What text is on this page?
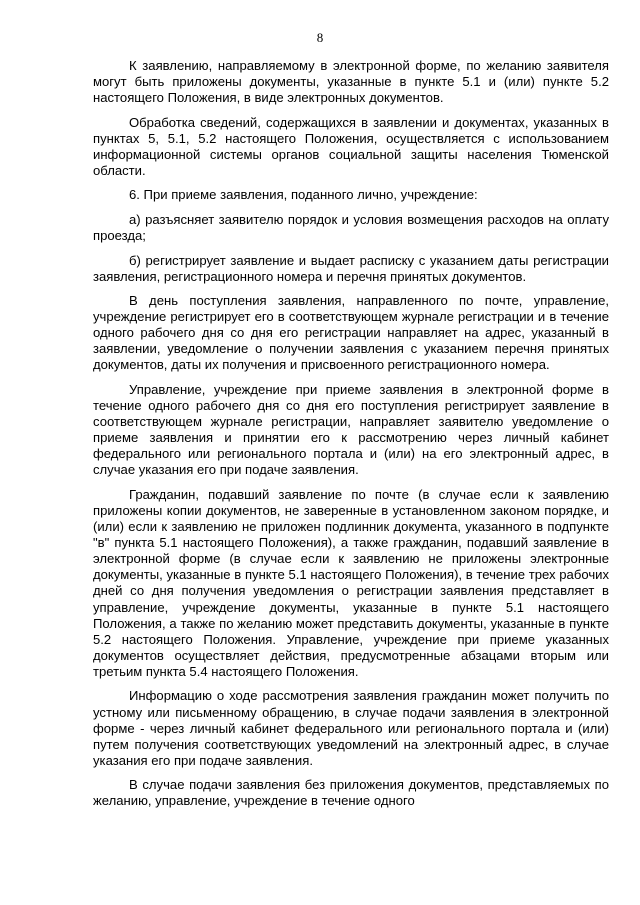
8

К заявлению, направляемому в электронной форме, по желанию заявителя могут быть приложены документы, указанные в пункте 5.1 и (или) пункте 5.2 настоящего Положения, в виде электронных документов.

Обработка сведений, содержащихся в заявлении и документах, указанных в пунктах 5, 5.1, 5.2 настоящего Положения, осуществляется с использованием информационной системы органов социальной защиты населения Тюменской области.

6. При приеме заявления, поданного лично, учреждение:

а) разъясняет заявителю порядок и условия возмещения расходов на оплату проезда;

б) регистрирует заявление и выдает расписку с указанием даты регистрации заявления, регистрационного номера и перечня принятых документов.

В день поступления заявления, направленного по почте, управление, учреждение регистрирует его в соответствующем журнале регистрации и в течение одного рабочего дня со дня его регистрации направляет на адрес, указанный в заявлении, уведомление о получении заявления с указанием перечня принятых документов, даты их получения и присвоенного регистрационного номера.

Управление, учреждение при приеме заявления в электронной форме в течение одного рабочего дня со дня его поступления регистрирует заявление в соответствующем журнале регистрации, направляет заявителю уведомление о приеме заявления и принятии его к рассмотрению через личный кабинет федерального или регионального портала и (или) на его электронный адрес, в случае указания его при подаче заявления.

Гражданин, подавший заявление по почте (в случае если к заявлению приложены копии документов, не заверенные в установленном законом порядке, и (или) если к заявлению не приложен подлинник документа, указанного в подпункте "в" пункта 5.1 настоящего Положения), а также гражданин, подавший заявление в электронной форме (в случае если к заявлению не приложены электронные документы, указанные в пункте 5.1 настоящего Положения), в течение трех рабочих дней со дня получения уведомления о регистрации заявления представляет в управление, учреждение документы, указанные в пункте 5.1 настоящего Положения, а также по желанию может представить документы, указанные в пункте 5.2 настоящего Положения. Управление, учреждение при приеме указанных документов осуществляет действия, предусмотренные абзацами вторым или третьим пункта 5.4 настоящего Положения.

Информацию о ходе рассмотрения заявления гражданин может получить по устному или письменному обращению, в случае подачи заявления в электронной форме - через личный кабинет федерального или регионального портала и (или) путем получения соответствующих уведомлений на электронный адрес, в случае указания его при подаче заявления.

В случае подачи заявления без приложения документов, представляемых по желанию, управление, учреждение в течение одного
